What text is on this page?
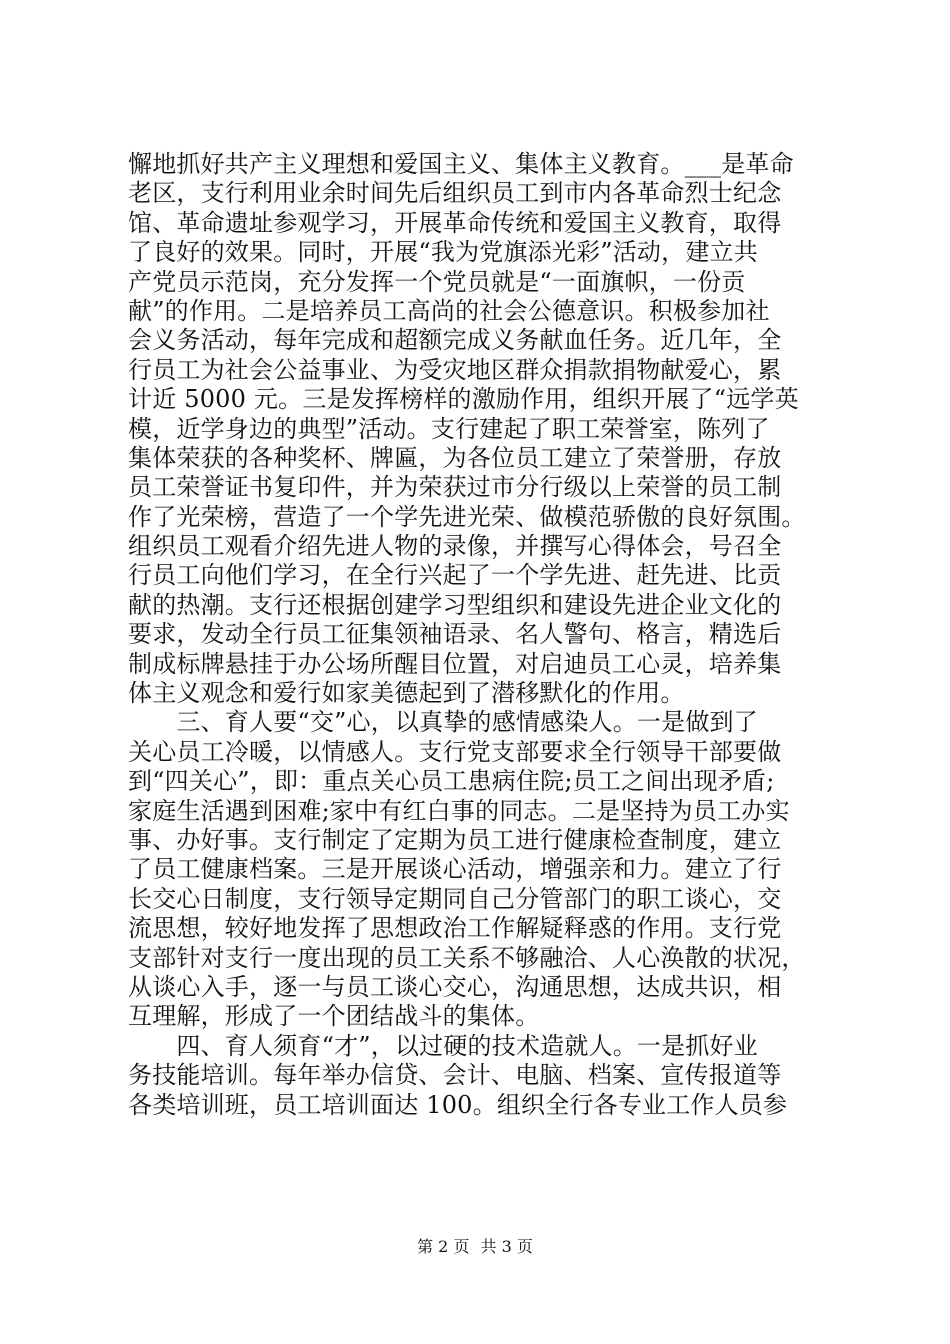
懈地抓好共产主义理想和爱国主义、集体主义教育。___是革命
老区，支行利用业余时间先后组织员工到市内各革命烈士纪念
馆、革命遗址参观学习，开展革命传统和爱国主义教育，取得
了良好的效果。同时，开展“我为党旗添光彩”活动，建立共
产党员示范岗，充分发挥一个党员就是“一面旗帜，一份贡
献”的作用。二是培养员工高尚的社会公德意识。积极参加社
会义务活动，每年完成和超额完成义务献血任务。近几年，全
行员工为社会公益事业、为受灾地区群众捐款捐物献爱心，累
计近 5000 元。三是发挥榜样的激励作用，组织开展了“远学英
模，近学身边的典型”活动。支行建起了职工荣誉室，陈列了
集体荣获的各种奖杯、牌匾，为各位员工建立了荣誉册，存放
员工荣誉证书复印件，并为荣获过市分行级以上荣誉的员工制
作了光荣榜，营造了一个学先进光荣、做模范骄傲的良好氛围。
组织员工观看介绍先进人物的录像，并撰写心得体会，号召全
行员工向他们学习，在全行兴起了一个学先进、赶先进、比贡
献的热潮。支行还根据创建学习型组织和建设先进企业文化的
要求，发动全行员工征集领袖语录、名人警句、格言，精选后
制成标牌悬挂于办公场所醒目位置，对启迪员工心灵，培养集
体主义观念和爱行如家美德起到了潜移默化的作用。
　　三、育人要“交”心，以真挚的感情感染人。一是做到了
关心员工冷暖，以情感人。支行党支部要求全行领导干部要做
到“四关心”，即：重点关心员工患病住院;员工之间出现矛盾;
家庭生活遇到困难;家中有红白事的同志。二是坚持为员工办实
事、办好事。支行制定了定期为员工进行健康检查制度，建立
了员工健康档案。三是开展谈心活动，增强亲和力。建立了行
长交心日制度，支行领导定期同自己分管部门的职工谈心，交
流思想，较好地发挥了思想政治工作解疑释惑的作用。支行党
支部针对支行一度出现的员工关系不够融洽、人心涣散的状况，
从谈心入手，逐一与员工谈心交心，沟通思想，达成共识，相
互理解，形成了一个团结战斗的集体。
　　四、育人须育“才”，以过硬的技术造就人。一是抓好业
务技能培训。每年举办信贷、会计、电脑、档案、宣传报道等
各类培训班，员工培训面达 100。组织全行各专业工作人员参
第 2 页 共 3 页
